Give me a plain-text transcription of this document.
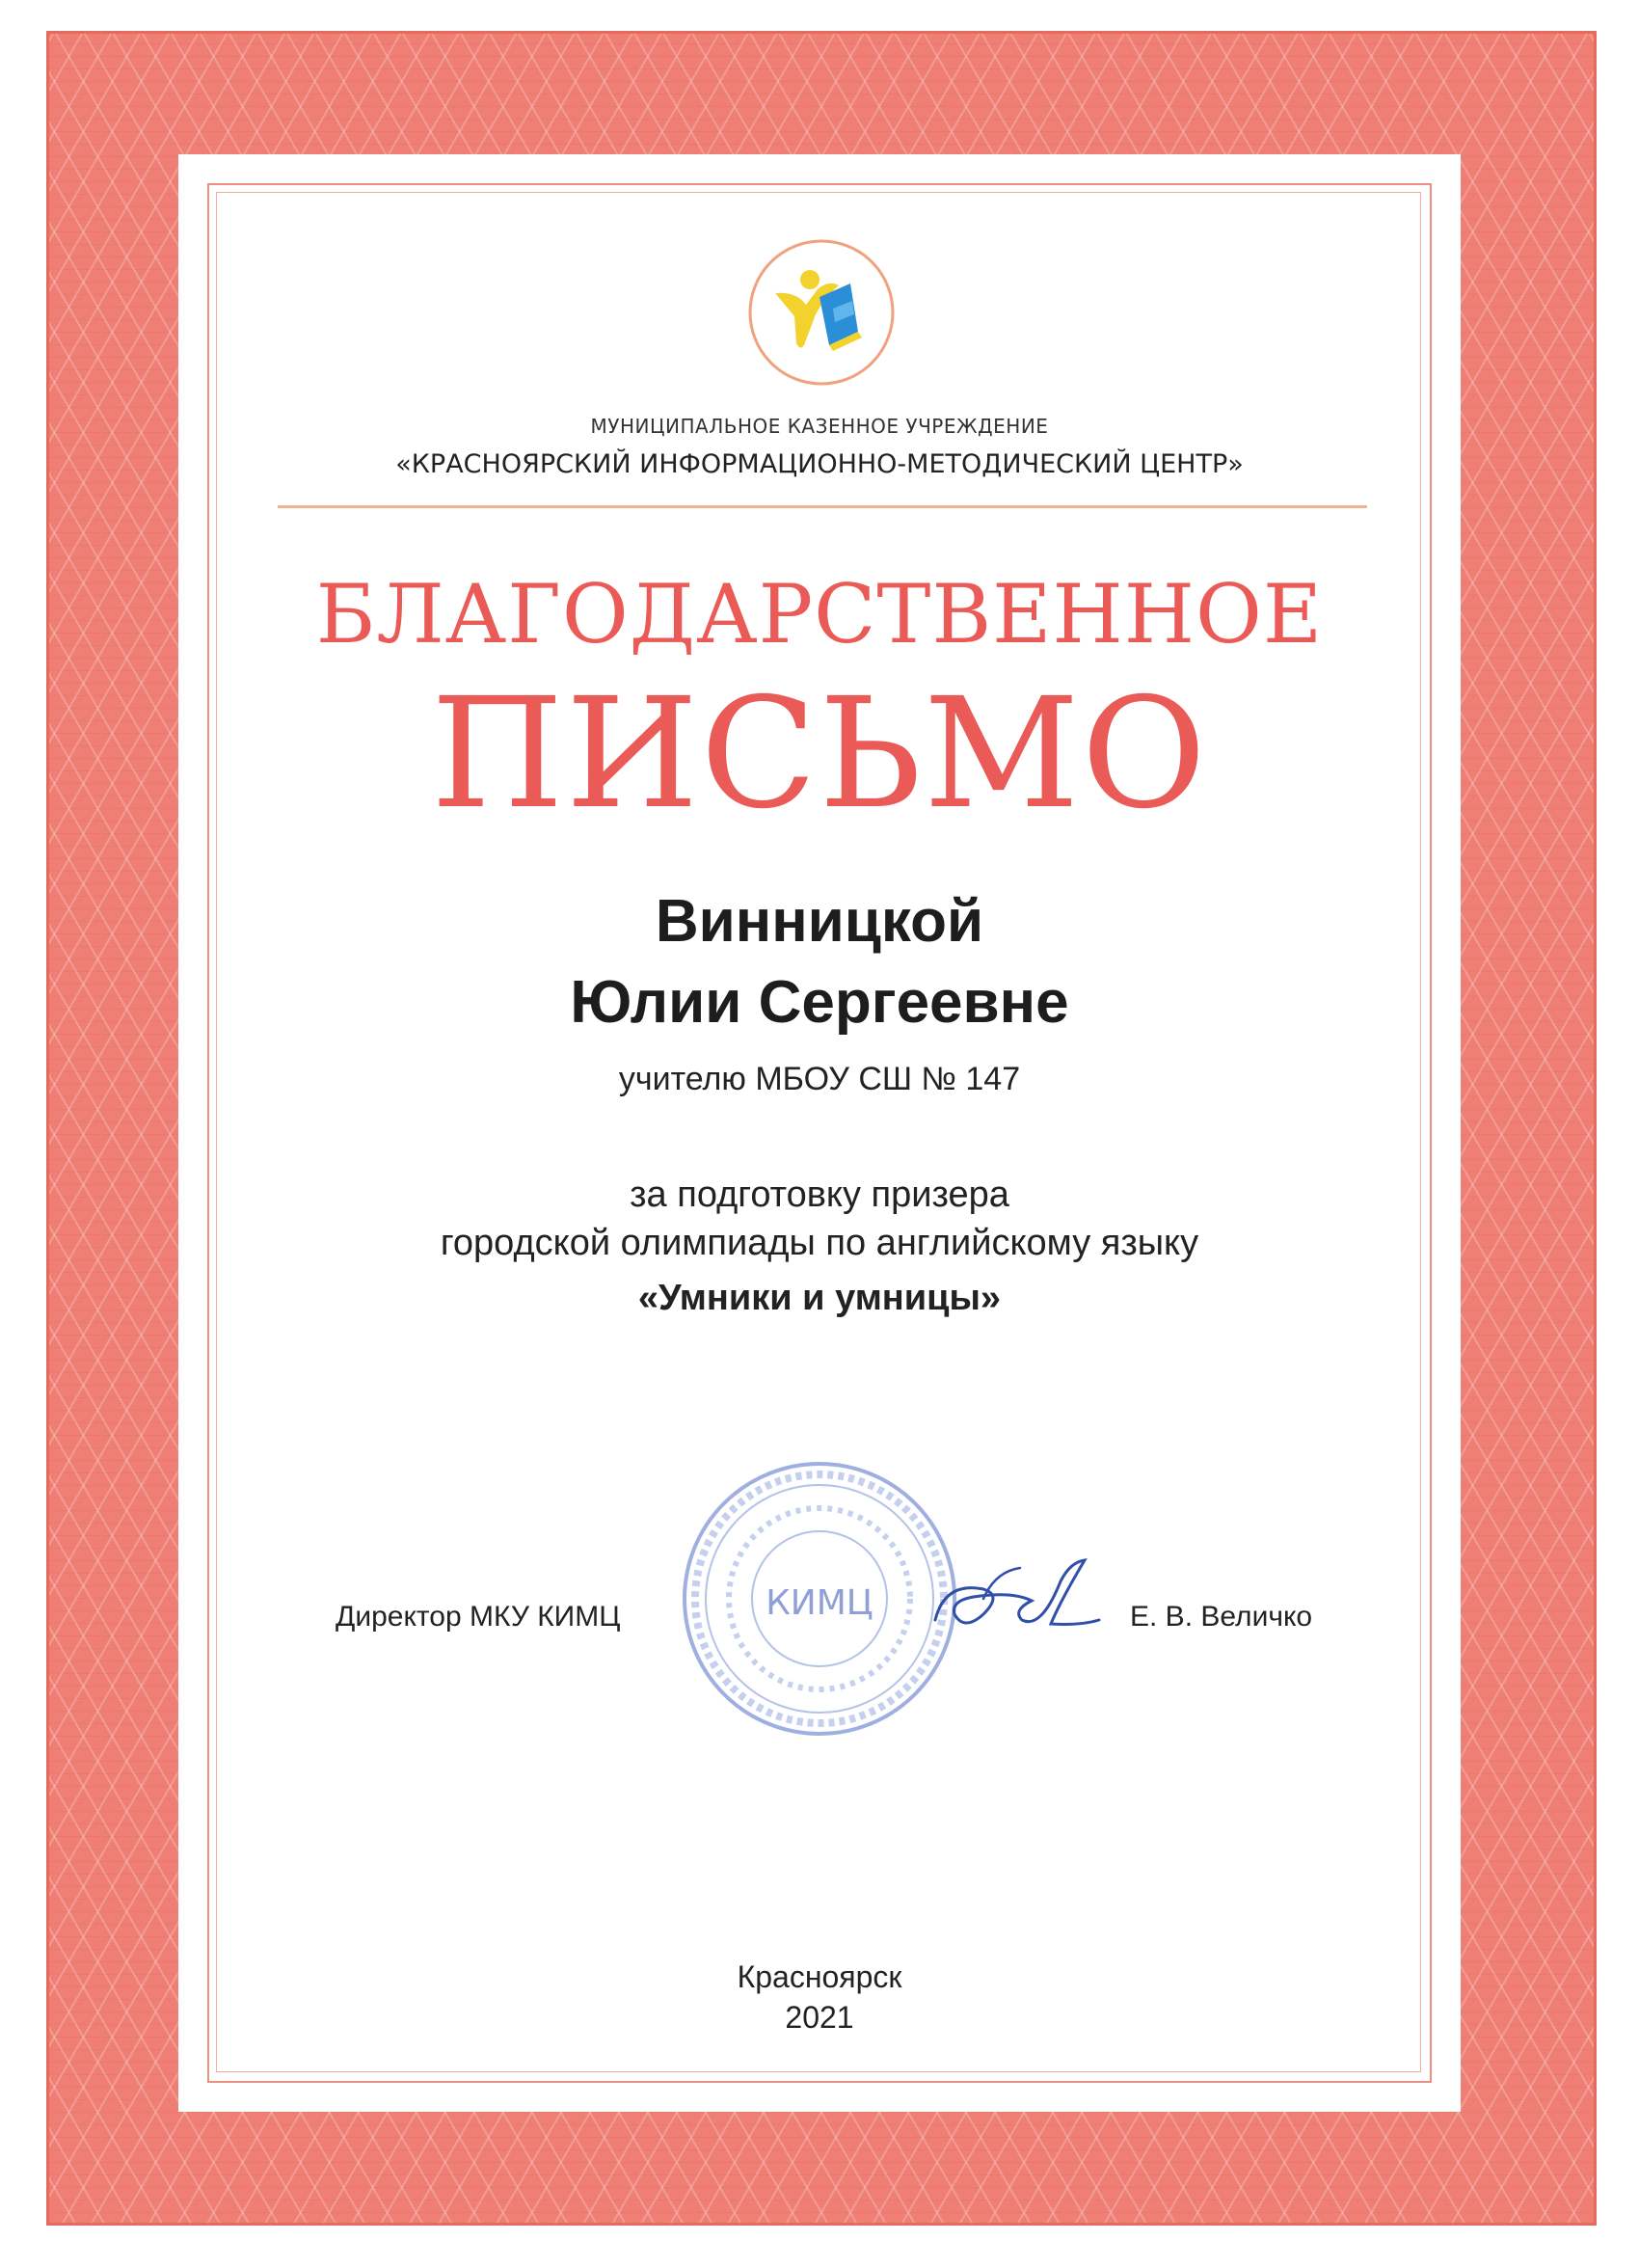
МУНИЦИПАЛЬНОЕ КАЗЕННОЕ УЧРЕЖДЕНИЕ
«КРАСНОЯРСКИЙ ИНФОРМАЦИОННО-МЕТОДИЧЕСКИЙ ЦЕНТР»
БЛАГОДАРСТВЕННОЕ
ПИСЬМО
Винницкой
Юлии Сергеевне
учителю МБОУ СШ № 147
за подготовку призера
городской олимпиады по английскому языку
«Умники и умницы»
КИМЦ
Директор МКУ КИМЦ	Е. В. Величко
Красноярск
2021
